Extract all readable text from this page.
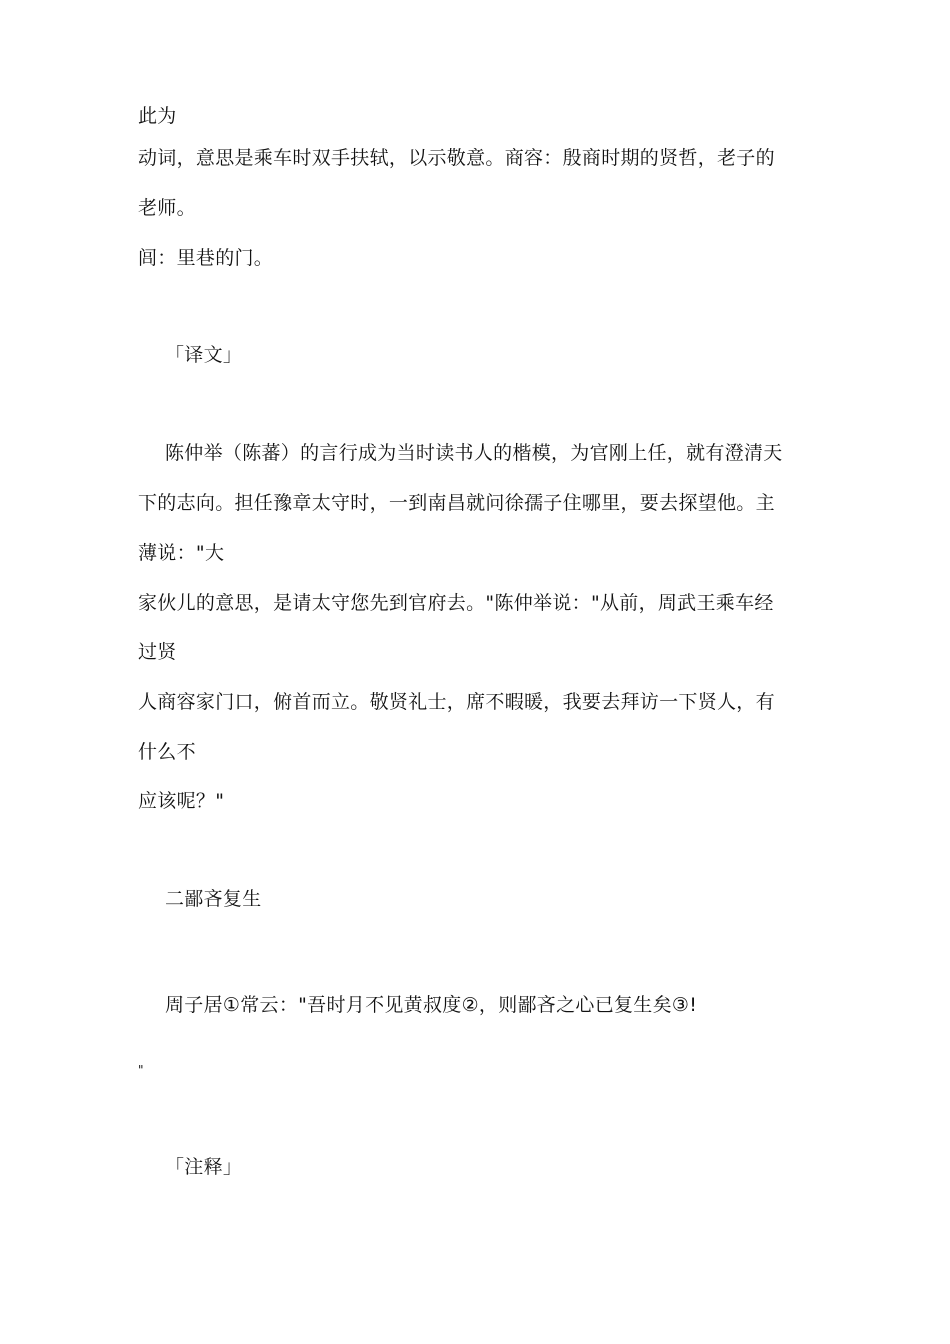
此为
动词，意思是乘车时双手扶轼，以示敬意。商容：殷商时期的贤哲，老子的
老师。
闾：里巷的门。
「译文」
陈仲举（陈蕃）的言行成为当时读书人的楷模，为官刚上任，就有澄清天
下的志向。担任豫章太守时，一到南昌就问徐孺子住哪里，要去探望他。主
薄说："大
家伙儿的意思，是请太守您先到官府去。"陈仲举说："从前，周武王乘车经
过贤
人商容家门口，俯首而立。敬贤礼士，席不暇暖，我要去拜访一下贤人，有
什么不
应该呢？"
二鄙吝复生
周子居①常云："吾时月不见黄叔度②，则鄙吝之心已复生矣③!
"
「注释」
